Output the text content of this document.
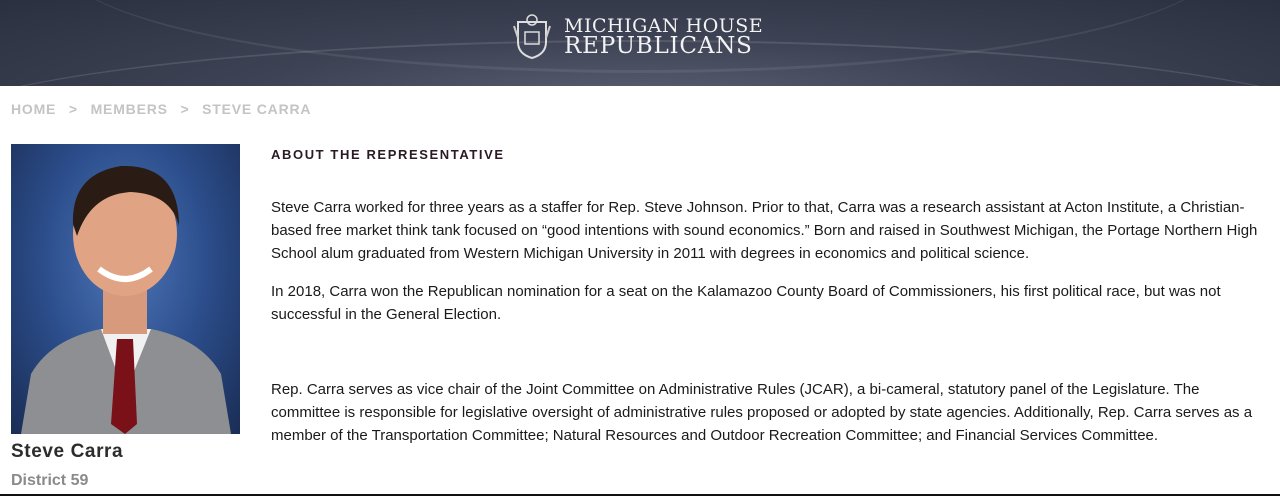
MICHIGAN HOUSE
REPUBLICANS
HOME > MEMBERS > STEVE CARRA
Steve Carra
District 59
ABOUT THE REPRESENTATIVE

Steve Carra worked for three years as a staffer for Rep. Steve Johnson. Prior to that, Carra was a research assistant at Acton Institute, a Christian-based free market think tank focused on “good intentions with sound economics.” Born and raised in Southwest Michigan, the Portage Northern High School alum graduated from Western Michigan University in 2011 with degrees in economics and political science.

In 2018, Carra won the Republican nomination for a seat on the Kalamazoo County Board of Commissioners, his first political race, but was not successful in the General Election.

Rep. Carra serves as vice chair of the Joint Committee on Administrative Rules (JCAR), a bi-cameral, statutory panel of the Legislature. The committee is responsible for legislative oversight of administrative rules proposed or adopted by state agencies. Additionally, Rep. Carra serves as a member of the Transportation Committee; Natural Resources and Outdoor Recreation Committee; and Financial Services Committee.
